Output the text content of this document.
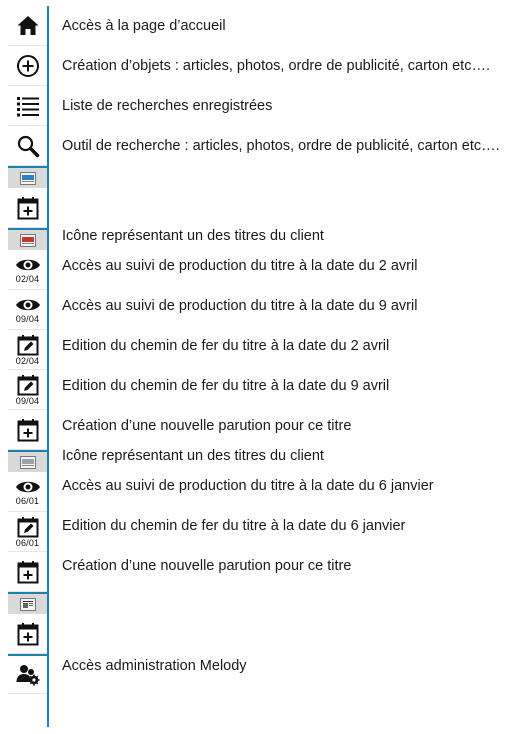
02/04
09/04
02/04
09/04
06/01
06/01
Accès à la page d’accueil
Création d’objets : articles, photos, ordre de publicité, carton etc….
Liste de recherches enregistrées
Outil de recherche : articles, photos, ordre de publicité, carton etc….
Icône représentant un des titres du client
Accès au suivi de production du titre à la date du 2 avril
Accès au suivi de production du titre à la date du 9 avril
Edition du chemin de fer du titre à la date du 2 avril
Edition du chemin de fer du titre à la date du 9 avril
Création d’une nouvelle parution pour ce titre
Icône représentant un des titres du client
Accès au suivi de production du titre à la date du 6 janvier
Edition du chemin de fer du titre à la date du 6 janvier
Création d’une nouvelle parution pour ce titre
Accès administration Melody
